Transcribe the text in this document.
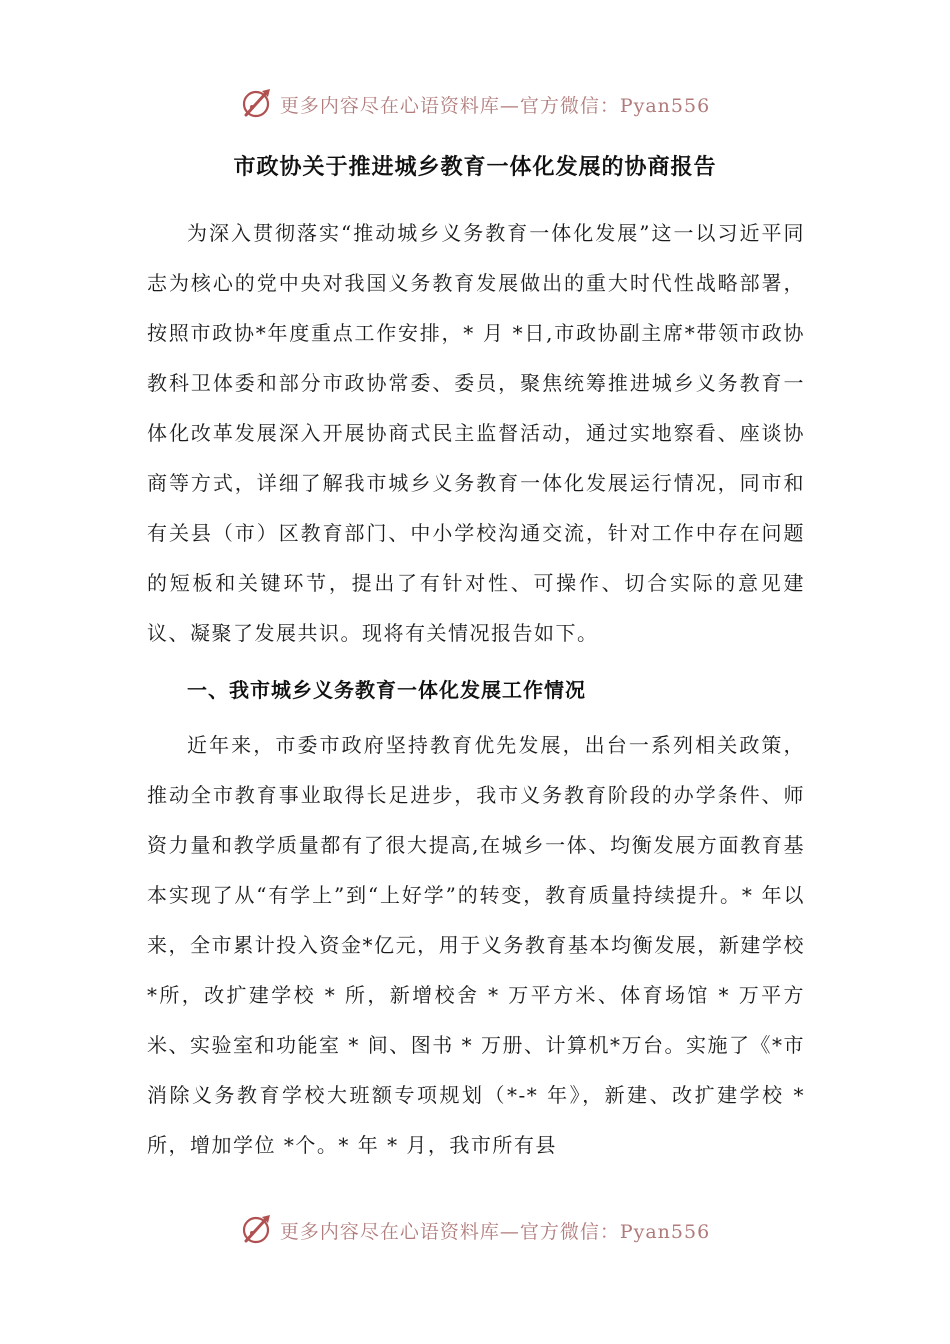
更多内容尽在心语资料库—官方微信：Pyan556
市政协关于推进城乡教育一体化发展的协商报告

为深入贯彻落实“推动城乡义务教育一体化发展”这一以习近平同志为核心的党中央对我国义务教育发展做出的重大时代性战略部署，按照市政协*年度重点工作安排，* 月 *日,市政协副主席*带领市政协教科卫体委和部分市政协常委、委员，聚焦统筹推进城乡义务教育一体化改革发展深入开展协商式民主监督活动，通过实地察看、座谈协商等方式，详细了解我市城乡义务教育一体化发展运行情况，同市和有关县（市）区教育部门、中小学校沟通交流，针对工作中存在问题的短板和关键环节，提出了有针对性、可操作、切合实际的意见建议、凝聚了发展共识。现将有关情况报告如下。

一、我市城乡义务教育一体化发展工作情况

近年来，市委市政府坚持教育优先发展，出台一系列相关政策，推动全市教育事业取得长足进步，我市义务教育阶段的办学条件、师资力量和教学质量都有了很大提高,在城乡一体、均衡发展方面教育基本实现了从“有学上”到“上好学”的转变，教育质量持续提升。* 年以来，全市累计投入资金*亿元，用于义务教育基本均衡发展，新建学校 *所，改扩建学校 * 所，新增校舍 * 万平方米、体育场馆 * 万平方米、实验室和功能室 * 间、图书 * 万册、计算机*万台。实施了《*市消除义务教育学校大班额专项规划（*-* 年》，新建、改扩建学校 *所，增加学位 *个。* 年 * 月，我市所有县

更多内容尽在心语资料库—官方微信：Pyan556
